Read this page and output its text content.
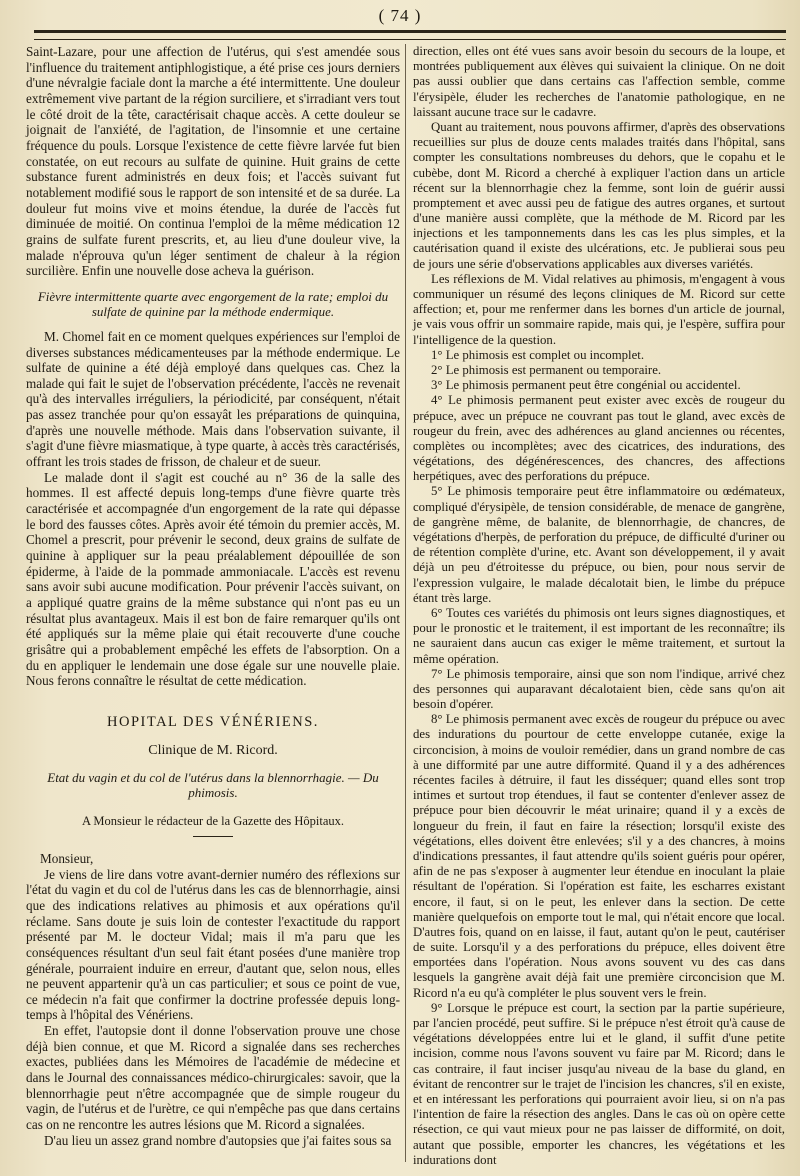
( 74 )

Saint-Lazare, pour une affection de l'utérus, qui s'est amendée sous l'influence du traitement antiphlogistique, a été prise ces jours derniers d'une névralgie faciale dont la marche a été intermittente. Une douleur extrêmement vive partant de la région surciliere, et s'irradiant vers tout le côté droit de la tête, caractérisait chaque accès. A cette douleur se joignait de l'anxiété, de l'agitation, de l'insomnie et une certaine fréquence du pouls. Lorsque l'existence de cette fièvre larvée fut bien constatée, on eut recours au sulfate de quinine. Huit grains de cette substance furent administrés en deux fois; et l'accès suivant fut notablement modifié sous le rapport de son intensité et de sa durée. La douleur fut moins vive et moins étendue, la durée de l'accès fut diminuée de moitié. On continua l'emploi de la même médication 12 grains de sulfate furent prescrits, et, au lieu d'une douleur vive, la malade n'éprouva qu'un léger sentiment de chaleur à la région surcilière. Enfin une nouvelle dose acheva la guérison.

Fièvre intermittente quarte avec engorgement de la rate; emploi du sulfate de quinine par la méthode endermique.

M. Chomel fait en ce moment quelques expériences sur l'emploi de diverses substances médicamenteuses par la méthode endermique. Le sulfate de quinine a été déjà employé dans quelques cas. Chez la malade qui fait le sujet de l'observation précédente, l'accès ne revenait qu'à des intervalles irréguliers, la périodicité, par conséquent, n'était pas assez tranchée pour qu'on essayât les préparations de quinquina, d'après une nouvelle méthode. Mais dans l'observation suivante, il s'agit d'une fièvre miasmatique, à type quarte, à accès très caractérisés, offrant les trois stades de frisson, de chaleur et de sueur.

Le malade dont il s'agit est couché au n° 36 de la salle des hommes. Il est affecté depuis long-temps d'une fièvre quarte très caractérisée et accompagnée d'un engorgement de la rate qui dépasse le bord des fausses côtes. Après avoir été témoin du premier accès, M. Chomel a prescrit, pour prévenir le second, deux grains de sulfate de quinine à appliquer sur la peau préalablement dépouillée de son épiderme, à l'aide de la pommade ammoniacale. L'accès est revenu sans avoir subi aucune modification. Pour prévenir l'accès suivant, on a appliqué quatre grains de la même substance qui n'ont pas eu un résultat plus avantageux. Mais il est bon de faire remarquer qu'ils ont été appliqués sur la même plaie qui était recouverte d'une couche grisâtre qui a probablement empêché les effets de l'absorption. On a du en appliquer le lendemain une dose égale sur une nouvelle plaie. Nous ferons connaître le résultat de cette médication.

HOPITAL DES VÉNÉRIENS.
Clinique de M. Ricord.
Etat du vagin et du col de l'utérus dans la blennorrhagie. — Du phimosis.
A Monsieur le rédacteur de la Gazette des Hôpitaux.

Monsieur,

Je viens de lire dans votre avant-dernier numéro des réflexions sur l'état du vagin et du col de l'utérus dans les cas de blennorrhagie, ainsi que des indications relatives au phimosis et aux opérations qu'il réclame. Sans doute je suis loin de contester l'exactitude du rapport présenté par M. le docteur Vidal; mais il m'a paru que les conséquences résultant d'un seul fait étant posées d'une manière trop générale, pourraient induire en erreur, d'autant que, selon nous, elles ne peuvent appartenir qu'à un cas particulier; et sous ce point de vue, ce médecin n'a fait que confirmer la doctrine professée depuis long-temps à l'hôpital des Vénériens.

En effet, l'autopsie dont il donne l'observation prouve une chose déjà bien connue, et que M. Ricord a signalée dans ses recherches exactes, publiées dans les Mémoires de l'académie de médecine et dans le Journal des connaissances médico-chirurgicales: savoir, que la blennorrhagie peut n'être accompagnée que de simple rougeur du vagin, de l'utérus et de l'urètre, ce qui n'empêche pas que dans certains cas on ne rencontre les autres lésions que M. Ricord a signalées.

D'au lieu un assez grand nombre d'autopsies que j'ai faites sous sa

direction, elles ont été vues sans avoir besoin du secours de la loupe, et montrées publiquement aux élèves qui suivaient la clinique. On ne doit pas aussi oublier que dans certains cas l'affection semble, comme l'érysipèle, éluder les recherches de l'anatomie pathologique, en ne laissant aucune trace sur le cadavre.

Quant au traitement, nous pouvons affirmer, d'après des observations recueillies sur plus de douze cents malades traités dans l'hôpital, sans compter les consultations nombreuses du dehors, que le copahu et le cubèbe, dont M. Ricord a cherché à expliquer l'action dans un article récent sur la blennorrhagie chez la femme, sont loin de guérir aussi promptement et avec aussi peu de fatigue des autres organes, et surtout d'une manière aussi complète, que la méthode de M. Ricord par les injections et les tamponnements dans les cas les plus simples, et la cautérisation quand il existe des ulcérations, etc. Je publierai sous peu de jours une série d'observations applicables aux diverses variétés.

Les réflexions de M. Vidal relatives au phimosis, m'engagent à vous communiquer un résumé des leçons cliniques de M. Ricord sur cette affection; et, pour me renfermer dans les bornes d'un article de journal, je vais vous offrir un sommaire rapide, mais qui, je l'espère, suffira pour l'intelligence de la question.

1° Le phimosis est complet ou incomplet.

2° Le phimosis est permanent ou temporaire.

3° Le phimosis permanent peut être congénial ou accidentel.

4° Le phimosis permanent peut exister avec excès de rougeur du prépuce, avec un prépuce ne couvrant pas tout le gland, avec excès de rougeur du frein, avec des adhérences au gland anciennes ou récentes, complètes ou incomplètes; avec des cicatrices, des indurations, des végétations, des dégénérescences, des chancres, des affections herpétiques, avec des perforations du prépuce.

5° Le phimosis temporaire peut être inflammatoire ou œdémateux, compliqué d'érysipèle, de tension considérable, de menace de gangrène, de gangrène même, de balanite, de blennorrhagie, de chancres, de végétations d'herpès, de perforation du prépuce, de difficulté d'uriner ou de rétention complète d'urine, etc. Avant son développement, il y avait déjà un peu d'étroitesse du prépuce, ou bien, pour nous servir de l'expression vulgaire, le malade décalotait bien, le limbe du prépuce étant très large.

6° Toutes ces variétés du phimosis ont leurs signes diagnostiques, et pour le pronostic et le traitement, il est important de les reconnaître; ils ne sauraient dans aucun cas exiger le même traitement, et surtout la même opération.

7° Le phimosis temporaire, ainsi que son nom l'indique, arrivé chez des personnes qui auparavant décalotaient bien, cède sans qu'on ait besoin d'opérer.

8° Le phimosis permanent avec excès de rougeur du prépuce ou avec des indurations du pourtour de cette enveloppe cutanée, exige la circoncision, à moins de vouloir remédier, dans un grand nombre de cas à une difformité par une autre difformité. Quand il y a des adhérences récentes faciles à détruire, il faut les disséquer; quand elles sont trop intimes et surtout trop étendues, il faut se contenter d'enlever assez de prépuce pour bien découvrir le méat urinaire; quand il y a excès de longueur du frein, il faut en faire la résection; lorsqu'il existe des végétations, elles doivent être enlevées; s'il y a des chancres, à moins d'indications pressantes, il faut attendre qu'ils soient guéris pour opérer, afin de ne pas s'exposer à augmenter leur étendue en inoculant la plaie résultant de l'opération. Si l'opération est faite, les escharres existant encore, il faut, si on le peut, les enlever dans la section. De cette manière quelquefois on emporte tout le mal, qui n'était encore que local. D'autres fois, quand on en laisse, il faut, autant qu'on le peut, cautériser de suite. Lorsqu'il y a des perforations du prépuce, elles doivent être emportées dans l'opération. Nous avons souvent vu des cas dans lesquels la gangrène avait déjà fait une première circoncision que M. Ricord n'a eu qu'à compléter le plus souvent vers le frein.

9° Lorsque le prépuce est court, la section par la partie supérieure, par l'ancien procédé, peut suffire. Si le prépuce n'est étroit qu'à cause de végétations développées entre lui et le gland, il suffit d'une petite incision, comme nous l'avons souvent vu faire par M. Ricord; dans le cas contraire, il faut inciser jusqu'au niveau de la base du gland, en évitant de rencontrer sur le trajet de l'incision les chancres, s'il en existe, et en intéressant les perforations qui pourraient avoir lieu, si on n'a pas l'intention de faire la résection des angles. Dans le cas où on opère cette résection, ce qui vaut mieux pour ne pas laisser de difformité, on doit, autant que possible, emporter les chancres, les végétations et les indurations dont
